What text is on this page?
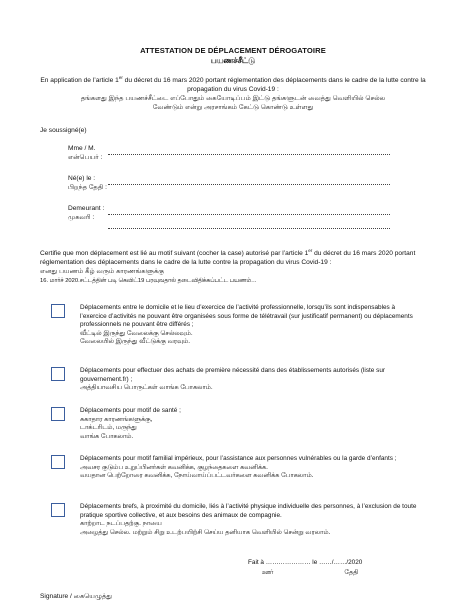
ATTESTATION DE DÉPLACEMENT DÉROGATOIRE
பயணச்சீட்டு
En application de l’article 1er du décret du 16 mars 2020 portant réglementation des déplacements dans le cadre de la lutte contre la propagation du virus Covid-19 :
தங்களது இந்த பயணச்சீட்டை எப்போதும் கையோடிப்பம் இட்டு தங்களுடன் வைத்து வெளியில் செல்ல
வேண்டும் என்று அரசாங்கம் கேட்டு கொண்டு உள்ளது
Je soussigné(e)
Mme / M.
என்பெயர் :
Né(e) le :
பிறந்த தேதி :
Demeurant :
முகவரி :
Certifie que mon déplacement est lié au motif suivant (cocher la case) autorisé par l’article 1er du décret du 16 mars 2020 portant réglementation des déplacements dans le cadre de la lutte contre la propagation du virus Covid-19 :
எனது பயணம் கீழ் வரும் காரணங்களுக்கு
16. மார்ச் 2020.சட்டத்தின் படி கெவிட்19 பரவுவதால் தடைவிதிக்கப்பட்ட பயணம்…
Déplacements entre le domicile et le lieu d’exercice de l’activité professionnelle, lorsqu’ils sont indispensables à l’exercice d’activités ne pouvant être organisées sous forme de télétravail (sur justificatif permanent) ou déplacements professionnels ne pouvant être différés ;
வீட்டில் இருந்து வேலைக்கு செல்லவும்.
வேலையில் இருந்து வீட்டுக்கு வரவும்.
Déplacements pour effectuer des achats de première nécessité dans des établissements autorisés (liste sur gouvernement.fr) ;
அத்தியாவசிய பொருட்கள் வாங்க போகலாம்.
Déplacements pour motif de santé ;
சுகாதார காரணங்களுக்கு,
டாக்டரிடம், மருந்து
வாங்க போகலாம்.
Déplacements pour motif familial impérieux, pour l’assistance aux personnes vulnérables ou la garde d’enfants ;
அவசர குடும்ப உறுப்பினர்கள் கவனிக்க, குழந்தைகளை கவனிக்க.
வயதான பெற்றோரை கவனிக்க, நோய்வாய்ப்பட்டவர்களை கவனிக்க போகலாம்.
Déplacements brefs, à proximité du domicile, liés à l’activité physique individuelle des personnes, à l’exclusion de toute pratique sportive collective, et aux besoins des animaux de compagnie.
காற்றாட நடப்பதற்கு. நாயை
அழைத்து செல்ல. மற்றும் சிறு உடற்பயிற்சி செய்ய தனியாக வெளியில் சென்று வரலாம்.
Fait à ………………… le ……/……/2020
ஊர்                                        தேதி
Signature / கையெழுத்து
